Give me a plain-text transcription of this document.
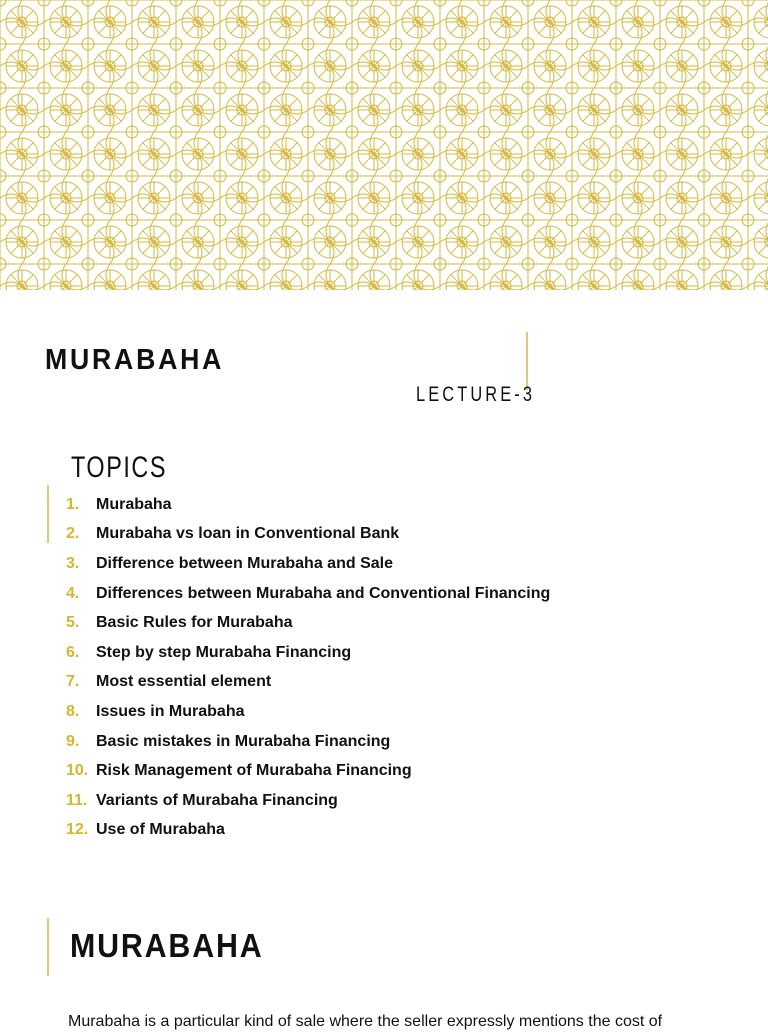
MURABAHA
LECTURE-3
TOPICS
1.	Murabaha
2.	Murabaha vs loan in Conventional Bank
3.	Difference between Murabaha and Sale
4.	Differences between Murabaha and Conventional Financing
5.	Basic Rules for Murabaha
6.	Step by step Murabaha Financing
7.	Most essential element
8.	Issues in Murabaha
9.	Basic mistakes in Murabaha Financing
10. Risk Management of Murabaha Financing
11. Variants of Murabaha Financing
12. Use of Murabaha
MURABAHA
Murabaha is a particular kind of sale where the seller expressly mentions the cost of
